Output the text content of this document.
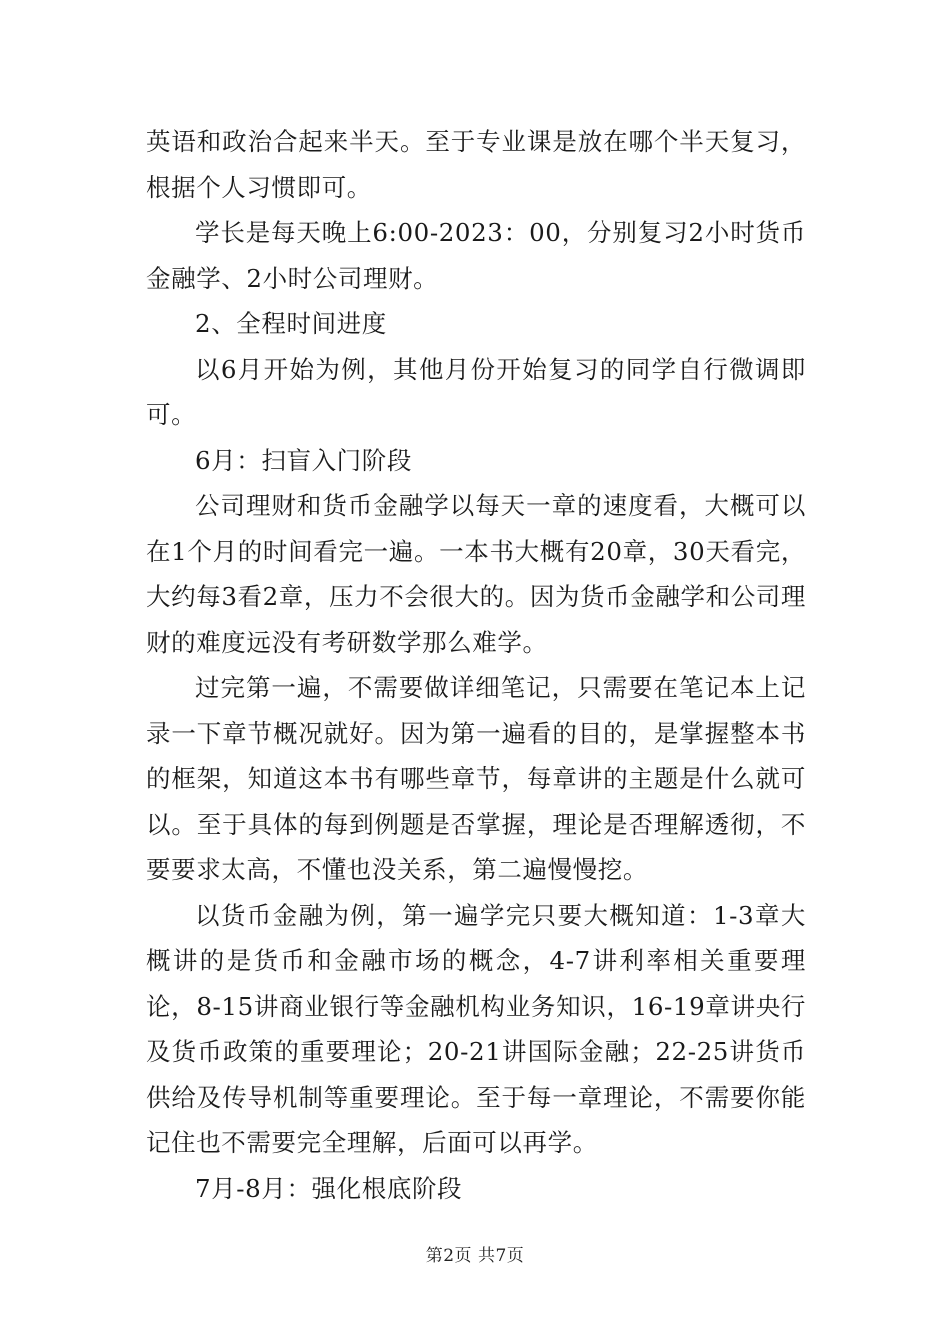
英语和政治合起来半天。至于专业课是放在哪个半天复习，根据个人习惯即可。

学长是每天晚上6:00-2023：00，分别复习2小时货币金融学、2小时公司理财。

2、全程时间进度

以6月开始为例，其他月份开始复习的同学自行微调即可。

6月：扫盲入门阶段

公司理财和货币金融学以每天一章的速度看，大概可以在1个月的时间看完一遍。一本书大概有20章，30天看完，大约每3看2章，压力不会很大的。因为货币金融学和公司理财的难度远没有考研数学那么难学。

过完第一遍，不需要做详细笔记，只需要在笔记本上记录一下章节概况就好。因为第一遍看的目的，是掌握整本书的框架，知道这本书有哪些章节，每章讲的主题是什么就可以。至于具体的每到例题是否掌握，理论是否理解透彻，不要要求太高，不懂也没关系，第二遍慢慢挖。

以货币金融为例，第一遍学完只要大概知道：1-3章大概讲的是货币和金融市场的概念，4-7讲利率相关重要理论，8-15讲商业银行等金融机构业务知识，16-19章讲央行及货币政策的重要理论；20-21讲国际金融；22-25讲货币供给及传导机制等重要理论。至于每一章理论，不需要你能记住也不需要完全理解，后面可以再学。

7月-8月：强化根底阶段

第2页 共7页
